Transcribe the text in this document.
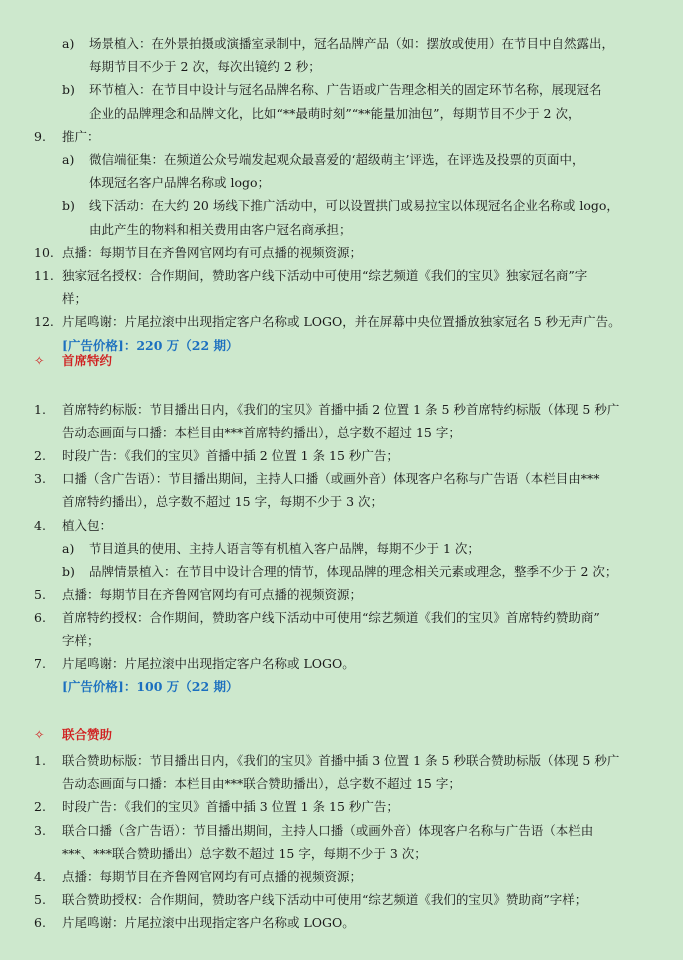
a) 场景植入：在外景拍摄或演播室录制中，冠名品牌产品（如：摆放或使用）在节目中自然露出，
每期节目不少于 2 次，每次出镜约 2 秒；
b) 环节植入：在节目中设计与冠名品牌名称、广告语或广告理念相关的固定环节名称，展现冠名
企业的品牌理念和品牌文化，比如“**最萌时刻”“**能量加油包”，每期节目不少于 2 次，
9. 推广：
a) 微信端征集：在频道公众号端发起观众最喜爱的‘超级萌主’评选，在评选及投票的页面中，
体现冠名客户品牌名称或 logo；
b) 线下活动：在大约 20 场线下推广活动中，可以设置拱门或易拉宝以体现冠名企业名称或 logo，
由此产生的物料和相关费用由客户冠名商承担；
10. 点播：每期节目在齐鲁网官网均有可点播的视频资源；
11. 独家冠名授权：合作期间，赞助客户线下活动中可使用“综艺频道《我们的宝贝》独家冠名商”字
样；
12. 片尾鸣谢：片尾拉滚中出现指定客户名称或 LOGO，并在屏幕中央位置播放独家冠名 5 秒无声广告。
[广告价格]：220 万（22 期）
✧ 首席特约
1. 首席特约标版：节目播出日内，《我们的宝贝》首播中插 2 位置 1 条 5 秒首席特约标版（体现 5 秒广
告动态画面与口播：本栏目由***首席特约播出），总字数不超过 15 字；
2. 时段广告：《我们的宝贝》首播中插 2 位置 1 条 15 秒广告；
3. 口播（含广告语）：节目播出期间，主持人口播（或画外音）体现客户名称与广告语（本栏目由***
首席特约播出），总字数不超过 15 字，每期不少于 3 次；
4. 植入包：
a) 节目道具的使用、主持人语言等有机植入客户品牌，每期不少于 1 次；
b) 品牌情景植入：在节目中设计合理的情节，体现品牌的理念相关元素或理念，整季不少于 2 次；
5. 点播：每期节目在齐鲁网官网均有可点播的视频资源；
6. 首席特约授权：合作期间，赞助客户线下活动中可使用“综艺频道《我们的宝贝》首席特约赞助商”
字样；
7. 片尾鸣谢：片尾拉滚中出现指定客户名称或 LOGO。
[广告价格]：100 万（22 期）
✧ 联合赞助
1. 联合赞助标版：节目播出日内，《我们的宝贝》首播中插 3 位置 1 条 5 秒联合赞助标版（体现 5 秒广
告动态画面与口播：本栏目由***联合赞助播出），总字数不超过 15 字；
2. 时段广告：《我们的宝贝》首播中插 3 位置 1 条 15 秒广告；
3. 联合口播（含广告语）：节目播出期间，主持人口播（或画外音）体现客户名称与广告语（本栏由
***、***联合赞助播出）总字数不超过 15 字，每期不少于 3 次；
4. 点播：每期节目在齐鲁网官网均有可点播的视频资源；
5. 联合赞助授权：合作期间，赞助客户线下活动中可使用“综艺频道《我们的宝贝》赞助商”字样；
6. 片尾鸣谢：片尾拉滚中出现指定客户名称或 LOGO。
